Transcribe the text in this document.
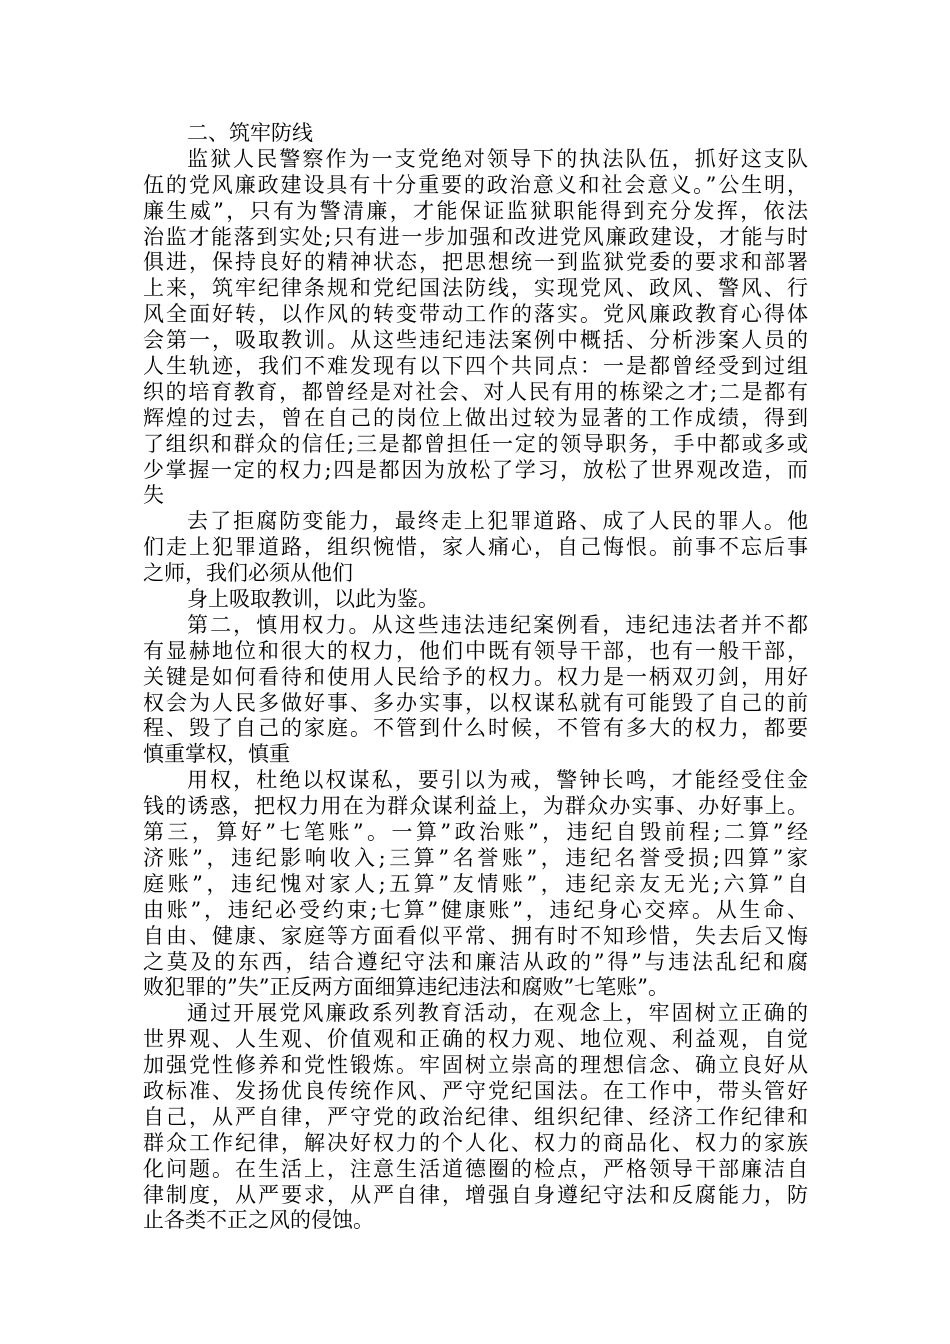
二、筑牢防线
监狱人民警察作为一支党绝对领导下的执法队伍，抓好这支队
伍的党风廉政建设具有十分重要的政治意义和社会意义。”公生明，
廉生威”，只有为警清廉，才能保证监狱职能得到充分发挥，依法
治监才能落到实处;只有进一步加强和改进党风廉政建设，才能与时
俱进，保持良好的精神状态，把思想统一到监狱党委的要求和部署
上来，筑牢纪律条规和党纪国法防线，实现党风、政风、警风、行
风全面好转，以作风的转变带动工作的落实。党风廉政教育心得体
会第一，吸取教训。从这些违纪违法案例中概括、分析涉案人员的
人生轨迹，我们不难发现有以下四个共同点：一是都曾经受到过组
织的培育教育，都曾经是对社会、对人民有用的栋梁之才;二是都有
辉煌的过去，曾在自己的岗位上做出过较为显著的工作成绩，得到
了组织和群众的信任;三是都曾担任一定的领导职务，手中都或多或
少掌握一定的权力;四是都因为放松了学习，放松了世界观改造，而
失
去了拒腐防变能力，最终走上犯罪道路、成了人民的罪人。他
们走上犯罪道路，组织惋惜，家人痛心，自己悔恨。前事不忘后事
之师，我们必须从他们
身上吸取教训，以此为鉴。
第二，慎用权力。从这些违法违纪案例看，违纪违法者并不都
有显赫地位和很大的权力，他们中既有领导干部，也有一般干部，
关键是如何看待和使用人民给予的权力。权力是一柄双刃剑，用好
权会为人民多做好事、多办实事，以权谋私就有可能毁了自己的前
程、毁了自己的家庭。不管到什么时候，不管有多大的权力，都要
慎重掌权，慎重
用权，杜绝以权谋私，要引以为戒，警钟长鸣，才能经受住金
钱的诱惑，把权力用在为群众谋利益上，为群众办实事、办好事上。
第三，算好”七笔账”。一算”政治账”，违纪自毁前程;二算”经
济账”，违纪影响收入;三算”名誉账”，违纪名誉受损;四算”家
庭账”，违纪愧对家人;五算”友情账”，违纪亲友无光;六算”自
由账”，违纪必受约束;七算”健康账”，违纪身心交瘁。从生命、
自由、健康、家庭等方面看似平常、拥有时不知珍惜，失去后又悔
之莫及的东西，结合遵纪守法和廉洁从政的”得”与违法乱纪和腐
败犯罪的”失”正反两方面细算违纪违法和腐败”七笔账”。
通过开展党风廉政系列教育活动，在观念上，牢固树立正确的
世界观、人生观、价值观和正确的权力观、地位观、利益观，自觉
加强党性修养和党性锻炼。牢固树立崇高的理想信念、确立良好从
政标准、发扬优良传统作风、严守党纪国法。在工作中，带头管好
自己，从严自律，严守党的政治纪律、组织纪律、经济工作纪律和
群众工作纪律，解决好权力的个人化、权力的商品化、权力的家族
化问题。在生活上，注意生活道德圈的检点，严格领导干部廉洁自
律制度，从严要求，从严自律，增强自身遵纪守法和反腐能力，防
止各类不正之风的侵蚀。
